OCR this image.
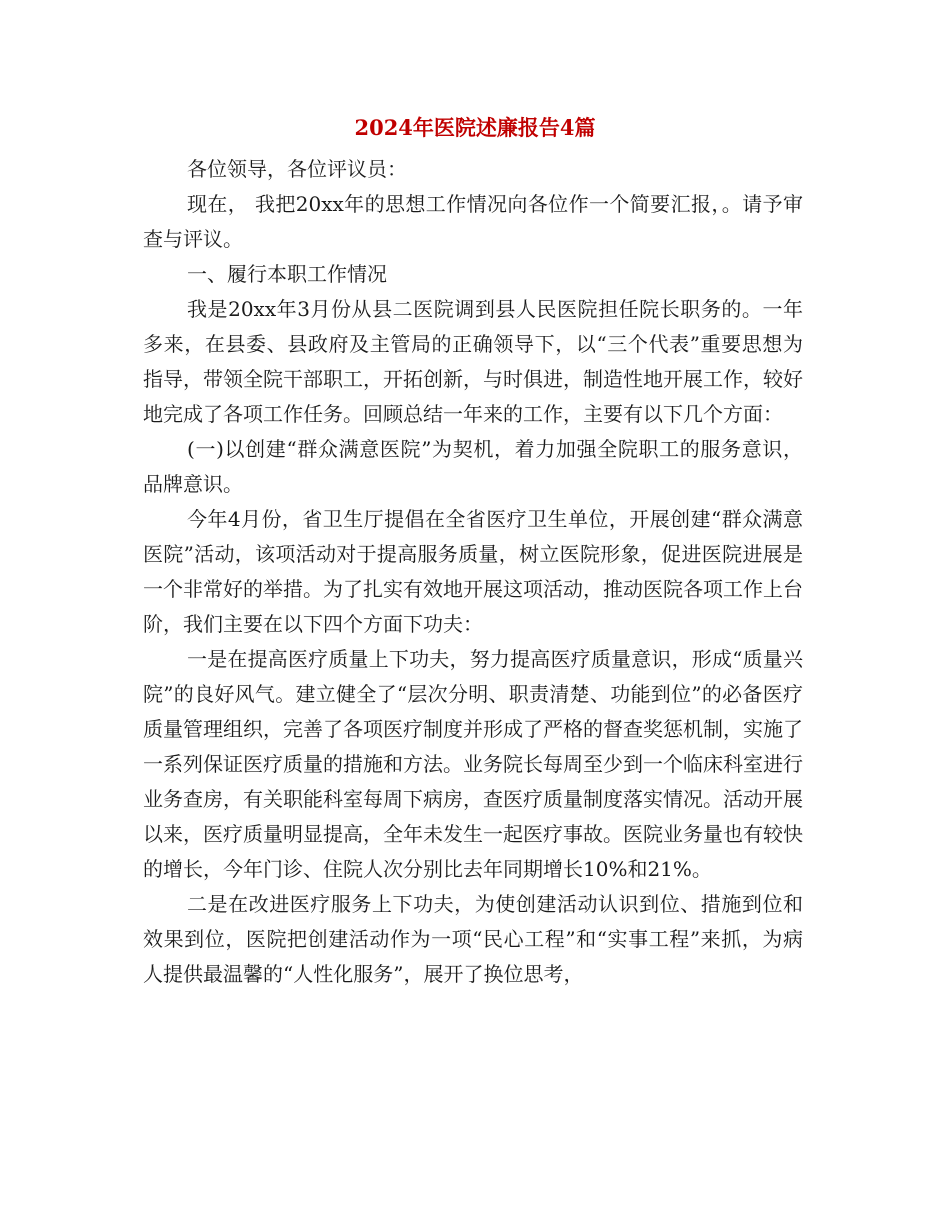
2024年医院述廉报告4篇

各位领导，各位评议员：

现在， 我把20xx年的思想工作情况向各位作一个简要汇报，。请予审查与评议。

一、履行本职工作情况

我是20xx年3月份从县二医院调到县人民医院担任院长职务的。一年多来，在县委、县政府及主管局的正确领导下，以“三个代表”重要思想为指导，带领全院干部职工，开拓创新，与时俱进，制造性地开展工作，较好地完成了各项工作任务。回顾总结一年来的工作，主要有以下几个方面：

(一)以创建“群众满意医院”为契机，着力加强全院职工的服务意识，品牌意识。

今年4月份，省卫生厅提倡在全省医疗卫生单位，开展创建“群众满意医院”活动，该项活动对于提高服务质量，树立医院形象，促进医院进展是一个非常好的举措。为了扎实有效地开展这项活动，推动医院各项工作上台阶，我们主要在以下四个方面下功夫：

一是在提高医疗质量上下功夫，努力提高医疗质量意识，形成“质量兴院”的良好风气。建立健全了“层次分明、职责清楚、功能到位”的必备医疗质量管理组织，完善了各项医疗制度并形成了严格的督查奖惩机制，实施了一系列保证医疗质量的措施和方法。业务院长每周至少到一个临床科室进行业务查房，有关职能科室每周下病房，查医疗质量制度落实情况。活动开展以来，医疗质量明显提高，全年未发生一起医疗事故。医院业务量也有较快的增长，今年门诊、住院人次分别比去年同期增长10%和21%。

二是在改进医疗服务上下功夫，为使创建活动认识到位、措施到位和效果到位，医院把创建活动作为一项“民心工程”和“实事工程”来抓，为病人提供最温馨的“人性化服务”，展开了换位思考，
